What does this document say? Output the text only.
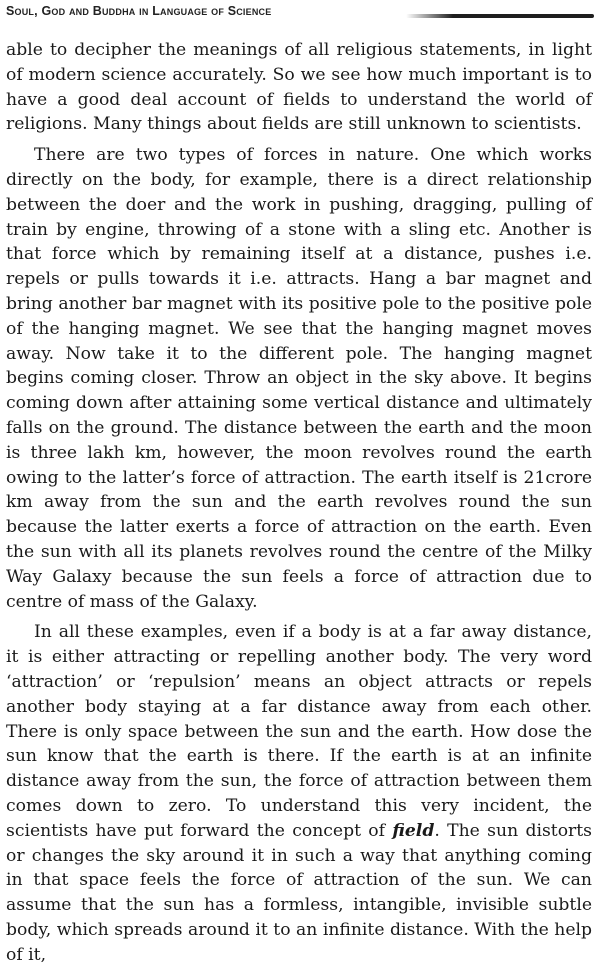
Soul, God and Buddha in Language of Science

able to decipher the meanings of all religious statements, in light of modern science accurately. So we see how much important is to have a good deal account of fields to understand the world of religions. Many things about fields are still unknown to scientists.

There are two types of forces in nature. One which works directly on the body, for example, there is a direct relationship between the doer and the work in pushing, dragging, pulling of train by engine, throwing of a stone with a sling etc. Another is that force which by remaining itself at a distance, pushes i.e. repels or pulls towards it i.e. attracts. Hang a bar magnet and bring another bar magnet with its positive pole to the positive pole of the hanging magnet. We see that the hanging magnet moves away. Now take it to the different pole. The hanging magnet begins coming closer. Throw an object in the sky above. It begins coming down after attaining some vertical distance and ultimately falls on the ground. The distance between the earth and the moon is three lakh km, however, the moon revolves round the earth owing to the latter’s force of attraction. The earth itself is 21crore km away from the sun and the earth revolves round the sun because the latter exerts a force of attraction on the earth. Even the sun with all its planets revolves round the centre of the Milky Way Galaxy because the sun feels a force of attraction due to centre of mass of the Galaxy.

In all these examples, even if a body is at a far away distance, it is either attracting or repelling another body. The very word ‘attraction’ or ‘repulsion’ means an object attracts or repels another body staying at a far distance away from each other. There is only space between the sun and the earth. How dose the sun know that the earth is there. If the earth is at an infinite distance away from the sun, the force of attraction between them comes down to zero. To understand this very incident, the scientists have put forward the concept of field. The sun distorts or changes the sky around it in such a way that anything coming in that space feels the force of attraction of the sun. We can assume that the sun has a formless, intangible, invisible subtle body, which spreads around it to an infinite distance. With the help of it,
